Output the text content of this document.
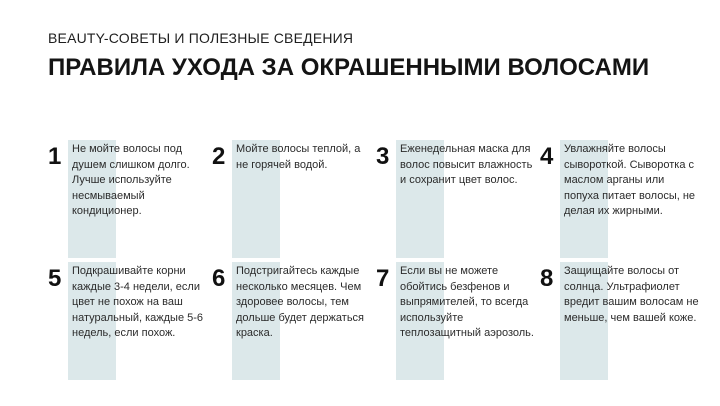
BEAUTY-СОВЕТЫ И ПОЛЕЗНЫЕ СВЕДЕНИЯ
ПРАВИЛА УХОДА ЗА ОКРАШЕННЫМИ ВОЛОСАМИ
1 Не мойте волосы под душем слишком долго. Лучше используйте несмываемый кондиционер.
2 Мойте волосы теплой, а не горячей водой.	3 Еженедельная маска для волос повысит влажность и сохранит цвет волос.
4 Увлажняйте волосы сывороткой. Сыворотка с маслом арганы или попуха питает волосы, не делая их жирными.
5 Подкрашивайте корни каждые 3-4 недели, если цвет не похож на ваш натуральный, каждые 5-6 недель, если похож.
6 Подстригайтесь каждые несколько месяцев. Чем здоровее волосы, тем дольше будет держаться краска.
7 Если вы не можете обойтись безфенов и выпрямителей, то всегда используйте теплозащитный аэрозоль.
8 Защищайте волосы от солнца. Ультрафиолет вредит вашим волосам не меньше, чем вашей коже.
